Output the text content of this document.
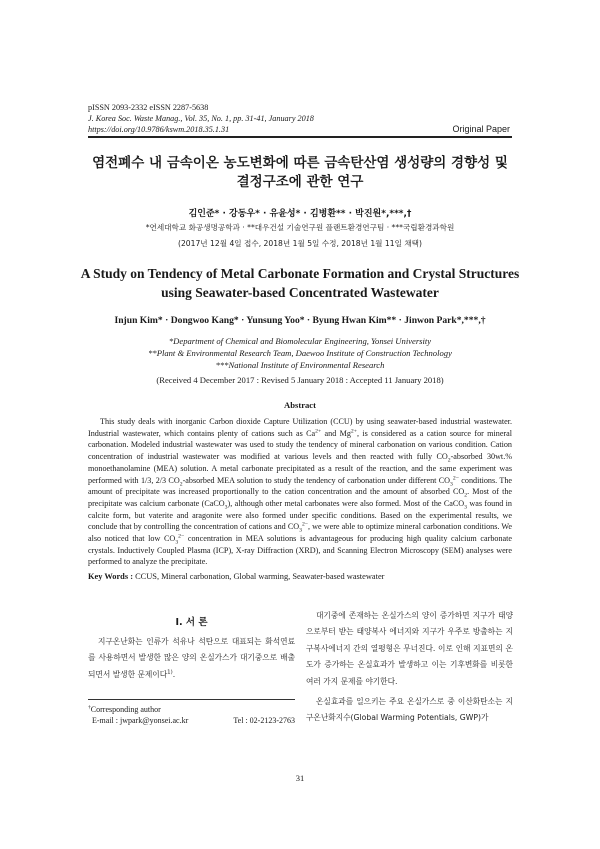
pISSN 2093-2332 eISSN 2287-5638
J. Korea Soc. Waste Manag., Vol. 35, No. 1, pp. 31-41, January 2018
https://doi.org/10.9786/kswm.2018.35.1.31	Original Paper
염전폐수 내 금속이온 농도변화에 따른 금속탄산염 생성량의 경향성 및
결정구조에 관한 연구
김인준* · 강동우* · 유윤성* · 김병환** · 박진원*,***,†
*연세대학교 화공생명공학과 · **대우건설 기술연구원 플랜트환경연구팀 · ***국립환경과학원
(2017년 12월 4일 접수, 2018년 1월 5일 수정, 2018년 1월 11일 채택)
A Study on Tendency of Metal Carbonate Formation and Crystal Structures
using Seawater-based Concentrated Wastewater
Injun Kim* · Dongwoo Kang* · Yunsung Yoo* · Byung Hwan Kim** · Jinwon Park*,***,†
*Department of Chemical and Biomolecular Engineering, Yonsei University
**Plant & Environmental Research Team, Daewoo Institute of Construction Technology
***National Institute of Environmental Research
(Received 4 December 2017 : Revised 5 January 2018 : Accepted 11 January 2018)
Abstract

This study deals with inorganic Carbon dioxide Capture Utilization (CCU) by using seawater-based industrial wastewater. Industrial wastewater, which contains plenty of cations such as $Ca^{2+}$ and $Mg^{2+}$, is considered as a cation source for mineral carbonation. Modeled industrial wastewater was used to study the tendency of mineral carbonation on various condition. Cation concentration of industrial wastewater was modified at various levels and then reacted with fully $CO_2$-absorbed 30wt.% monoethanolamine (MEA) solution. A metal carbonate precipitated as a result of the reaction, and the same experiment was performed with 1/3, 2/3 $CO_2$-absorbed MEA solution to study the tendency of carbonation under different $CO_3^{2-}$ conditions. The amount of precipitate was increased proportionally to the cation concentration and the amount of absorbed $CO_2$. Most of the precipitate was calcium carbonate (CaCO$_3$), although other metal carbonates were also formed. Most of the CaCO$_3$ was found in calcite form, but vaterite and aragonite were also formed under specific conditions. Based on the experimental results, we conclude that by controlling the concentration of cations and $CO_3^{2-}$, we were able to optimize mineral carbonation conditions. We also noticed that low $CO_3^{2-}$ concentration in MEA solutions is advantageous for producing high quality calcium carbonate crystals. Inductively Coupled Plasma (ICP), X-ray Diffraction (XRD), and Scanning Electron Microscopy (SEM) analyses were performed to analyze the precipitate.

Key Words : CCUS, Mineral carbonation, Global warming, Seawater-based wastewater
I. 서 론

지구온난화는 인류가 석유나 석탄으로 대표되는 화석연료를 사용하면서 발생한 많은 양의 온실가스가 대기중으로 배출되면서 발생한 문제이다$^{1)}$.

대기중에 존재하는 온실가스의 양이 증가하면 지구가 태양으로부터 받는 태양복사 에너지와 지구가 우주로 방출하는 지구복사에너지 간의 열평형은 무너진다. 이로 인해 지표면의 온도가 증가하는 온실효과가 발생하고 이는 기후변화를 비롯한 여러 가지 문제를 야기한다.

온실효과를 일으키는 주요 온실가스로 중 이산화탄소는 지구온난화지수(Global Warming Potentials, GWP)가

†Corresponding author
E-mail : jwpark@yonsei.ac.kr	Tel : 02-2123-2763
31
